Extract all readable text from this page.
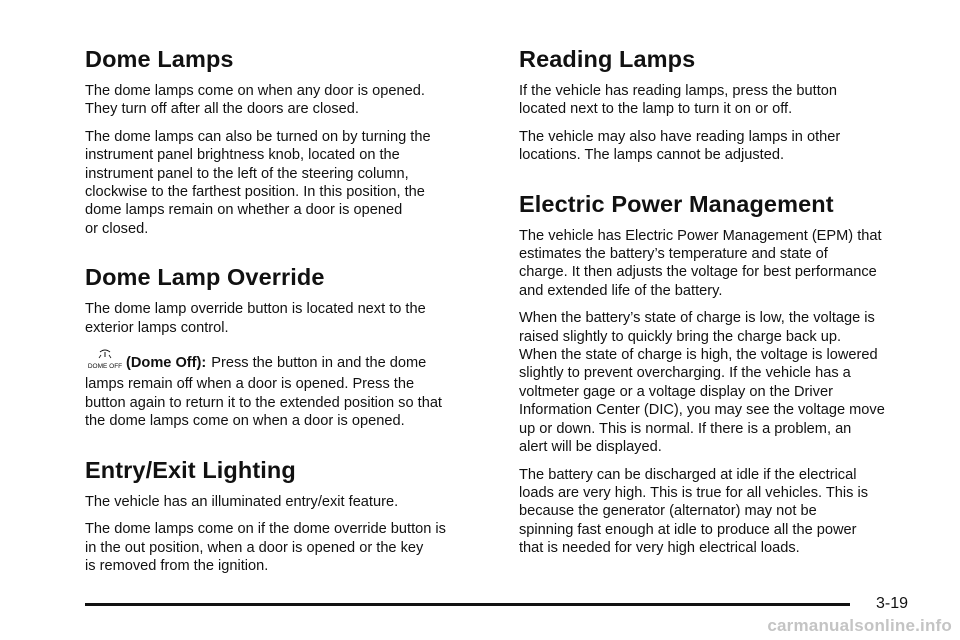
Dome Lamps

The dome lamps come on when any door is opened.
They turn off after all the doors are closed.

The dome lamps can also be turned on by turning the
instrument panel brightness knob, located on the
instrument panel to the left of the steering column,
clockwise to the farthest position. In this position, the
dome lamps remain on whether a door is opened
or closed.

Dome Lamp Override

The dome lamp override button is located next to the
exterior lamps control.

DOME OFF (Dome Off): Press the button in and the dome

lamps remain off when a door is opened. Press the
button again to return it to the extended position so that
the dome lamps come on when a door is opened.

Entry/Exit Lighting

The vehicle has an illuminated entry/exit feature.

The dome lamps come on if the dome override button is
in the out position, when a door is opened or the key
is removed from the ignition.

Reading Lamps

If the vehicle has reading lamps, press the button
located next to the lamp to turn it on or off.

The vehicle may also have reading lamps in other
locations. The lamps cannot be adjusted.

Electric Power Management

The vehicle has Electric Power Management (EPM) that
estimates the battery’s temperature and state of
charge. It then adjusts the voltage for best performance
and extended life of the battery.

When the battery’s state of charge is low, the voltage is
raised slightly to quickly bring the charge back up.
When the state of charge is high, the voltage is lowered
slightly to prevent overcharging. If the vehicle has a
voltmeter gage or a voltage display on the Driver
Information Center (DIC), you may see the voltage move
up or down. This is normal. If there is a problem, an
alert will be displayed.

The battery can be discharged at idle if the electrical
loads are very high. This is true for all vehicles. This is
because the generator (alternator) may not be
spinning fast enough at idle to produce all the power
that is needed for very high electrical loads.

3-19
carmanualsonline.info
